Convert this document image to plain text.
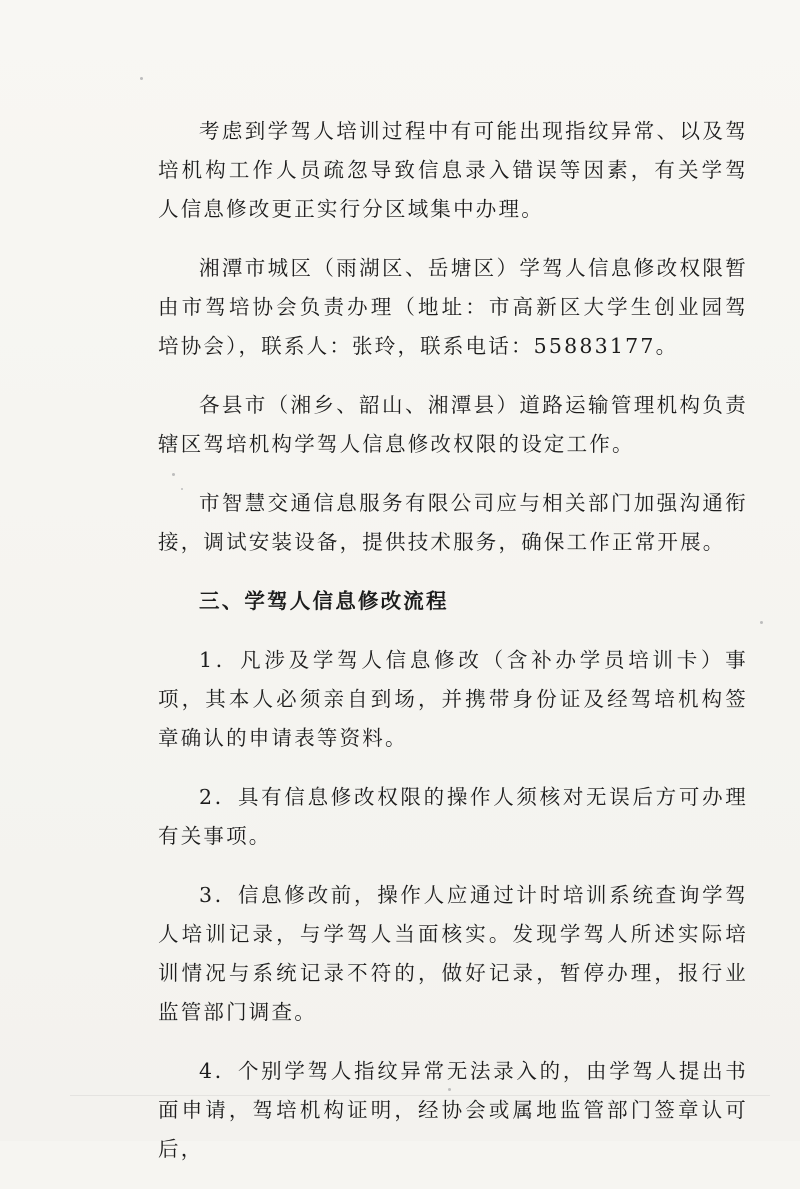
考虑到学驾人培训过程中有可能出现指纹异常、以及驾培机构工作人员疏忽导致信息录入错误等因素，有关学驾人信息修改更正实行分区域集中办理。

湘潭市城区（雨湖区、岳塘区）学驾人信息修改权限暂由市驾培协会负责办理（地址：市高新区大学生创业园驾培协会），联系人：张玲，联系电话：55883177。

各县市（湘乡、韶山、湘潭县）道路运输管理机构负责辖区驾培机构学驾人信息修改权限的设定工作。

市智慧交通信息服务有限公司应与相关部门加强沟通衔接，调试安装设备，提供技术服务，确保工作正常开展。

三、学驾人信息修改流程

1．凡涉及学驾人信息修改（含补办学员培训卡）事项，其本人必须亲自到场，并携带身份证及经驾培机构签章确认的申请表等资料。

2．具有信息修改权限的操作人须核对无误后方可办理有关事项。

3．信息修改前，操作人应通过计时培训系统查询学驾人培训记录，与学驾人当面核实。发现学驾人所述实际培训情况与系统记录不符的，做好记录，暂停办理，报行业监管部门调查。

4．个别学驾人指纹异常无法录入的，由学驾人提出书面申请，驾培机构证明，经协会或属地监管部门签章认可后，
